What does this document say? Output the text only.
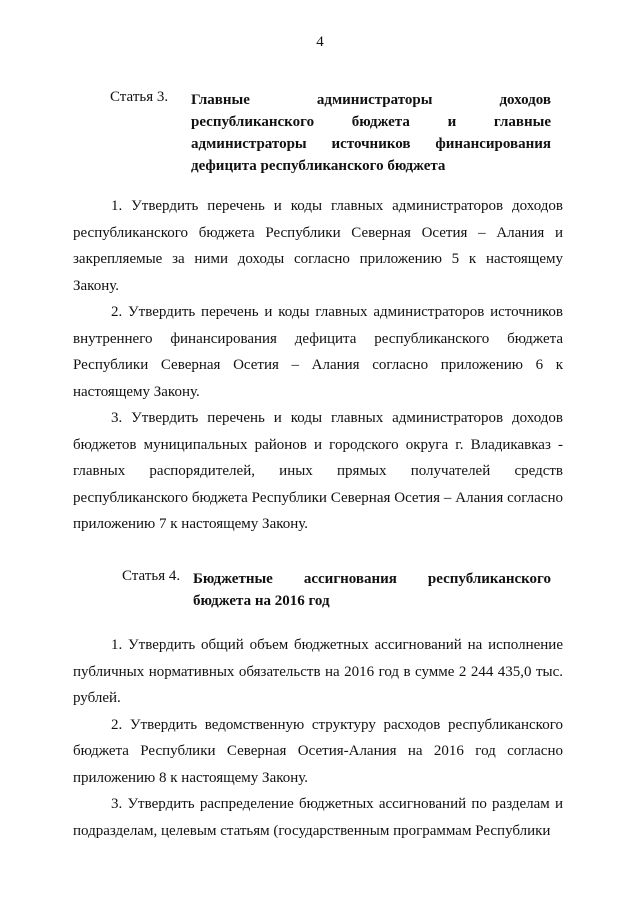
4
Статья 3.	Главные администраторы доходов республиканского бюджета и главные администраторы источников финансирования дефицита республиканского бюджета

1. Утвердить перечень и коды главных администраторов доходов республиканского бюджета Республики Северная Осетия – Алания и закрепляемые за ними доходы согласно приложению 5 к настоящему Закону.

2. Утвердить перечень и коды главных администраторов источников внутреннего финансирования дефицита республиканского бюджета Республики Северная Осетия – Алания согласно приложению 6 к настоящему Закону.

3. Утвердить перечень и коды главных администраторов доходов бюджетов муниципальных районов и городского округа г. Владикавказ - главных распорядителей, иных прямых получателей средств республиканского бюджета Республики Северная Осетия – Алания согласно приложению 7 к настоящему Закону.

Статья 4. Бюджетные ассигнования республиканского бюджета на 2016 год

1. Утвердить общий объем бюджетных ассигнований на исполнение публичных нормативных обязательств на 2016 год в сумме 2 244 435,0 тыс. рублей.

2. Утвердить ведомственную структуру расходов республиканского бюджета Республики Северная Осетия-Алания на 2016 год согласно приложению 8 к настоящему Закону.

3. Утвердить распределение бюджетных ассигнований по разделам и подразделам, целевым статьям (государственным программам Республики
